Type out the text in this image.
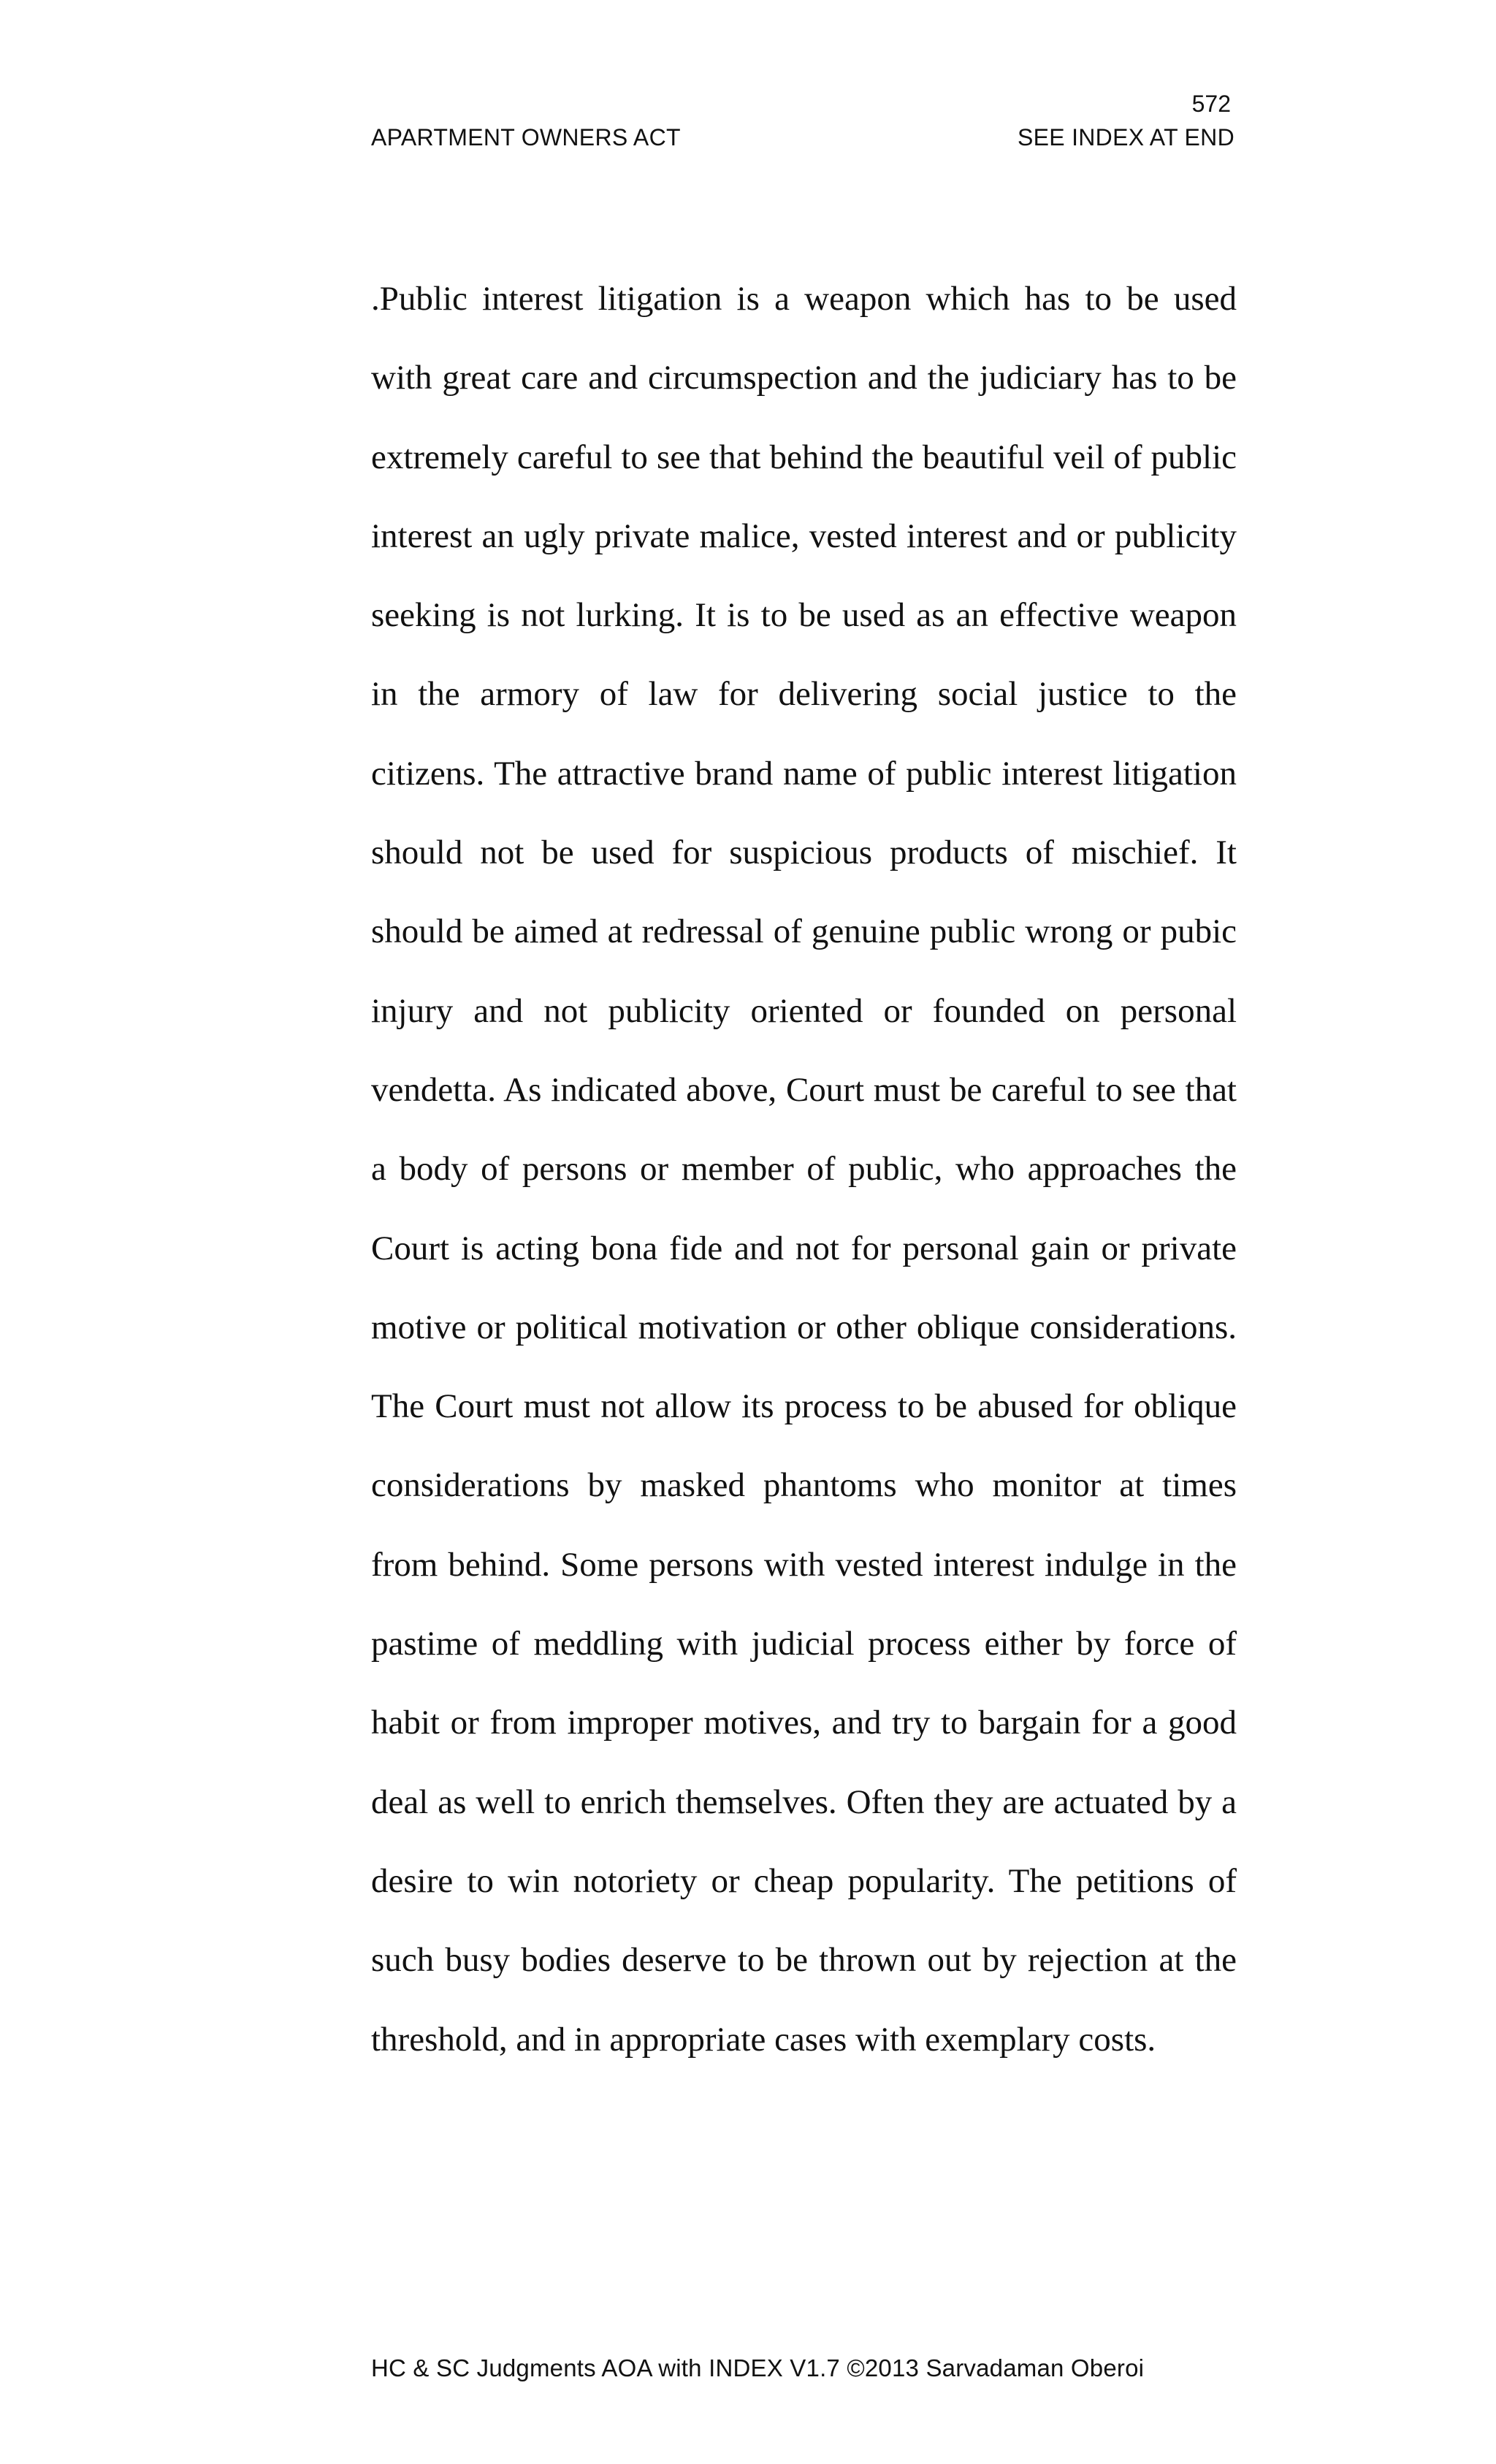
572
APARTMENT OWNERS ACT	SEE INDEX AT END
.Public interest litigation is a weapon which has to be used
with great care and circumspection and the judiciary has to be
extremely careful to see that behind the beautiful veil of public
interest an ugly private malice, vested interest and or publicity
seeking is not lurking. It is to be used as an effective weapon
in the armory of law for delivering social justice to the
citizens. The attractive brand name of public interest litigation
should not be used for suspicious products of mischief. It
should be aimed at redressal of genuine public wrong or pubic
injury and not publicity oriented or founded on personal
vendetta. As indicated above, Court must be careful to see that
a body of persons or member of public, who approaches the
Court is acting bona fide and not for personal gain or private
motive or political motivation or other oblique considerations.
The Court must not allow its process to be abused for oblique
considerations by masked phantoms who monitor at times
from behind. Some persons with vested interest indulge in the
pastime of meddling with judicial process either by force of
habit or from improper motives, and try to bargain for a good
deal as well to enrich themselves. Often they are actuated by a
desire to win notoriety or cheap popularity. The petitions of
such busy bodies deserve to be thrown out by rejection at the
threshold, and in appropriate cases with exemplary costs.
HC & SC Judgments AOA with INDEX V1.7 ©2013 Sarvadaman Oberoi
